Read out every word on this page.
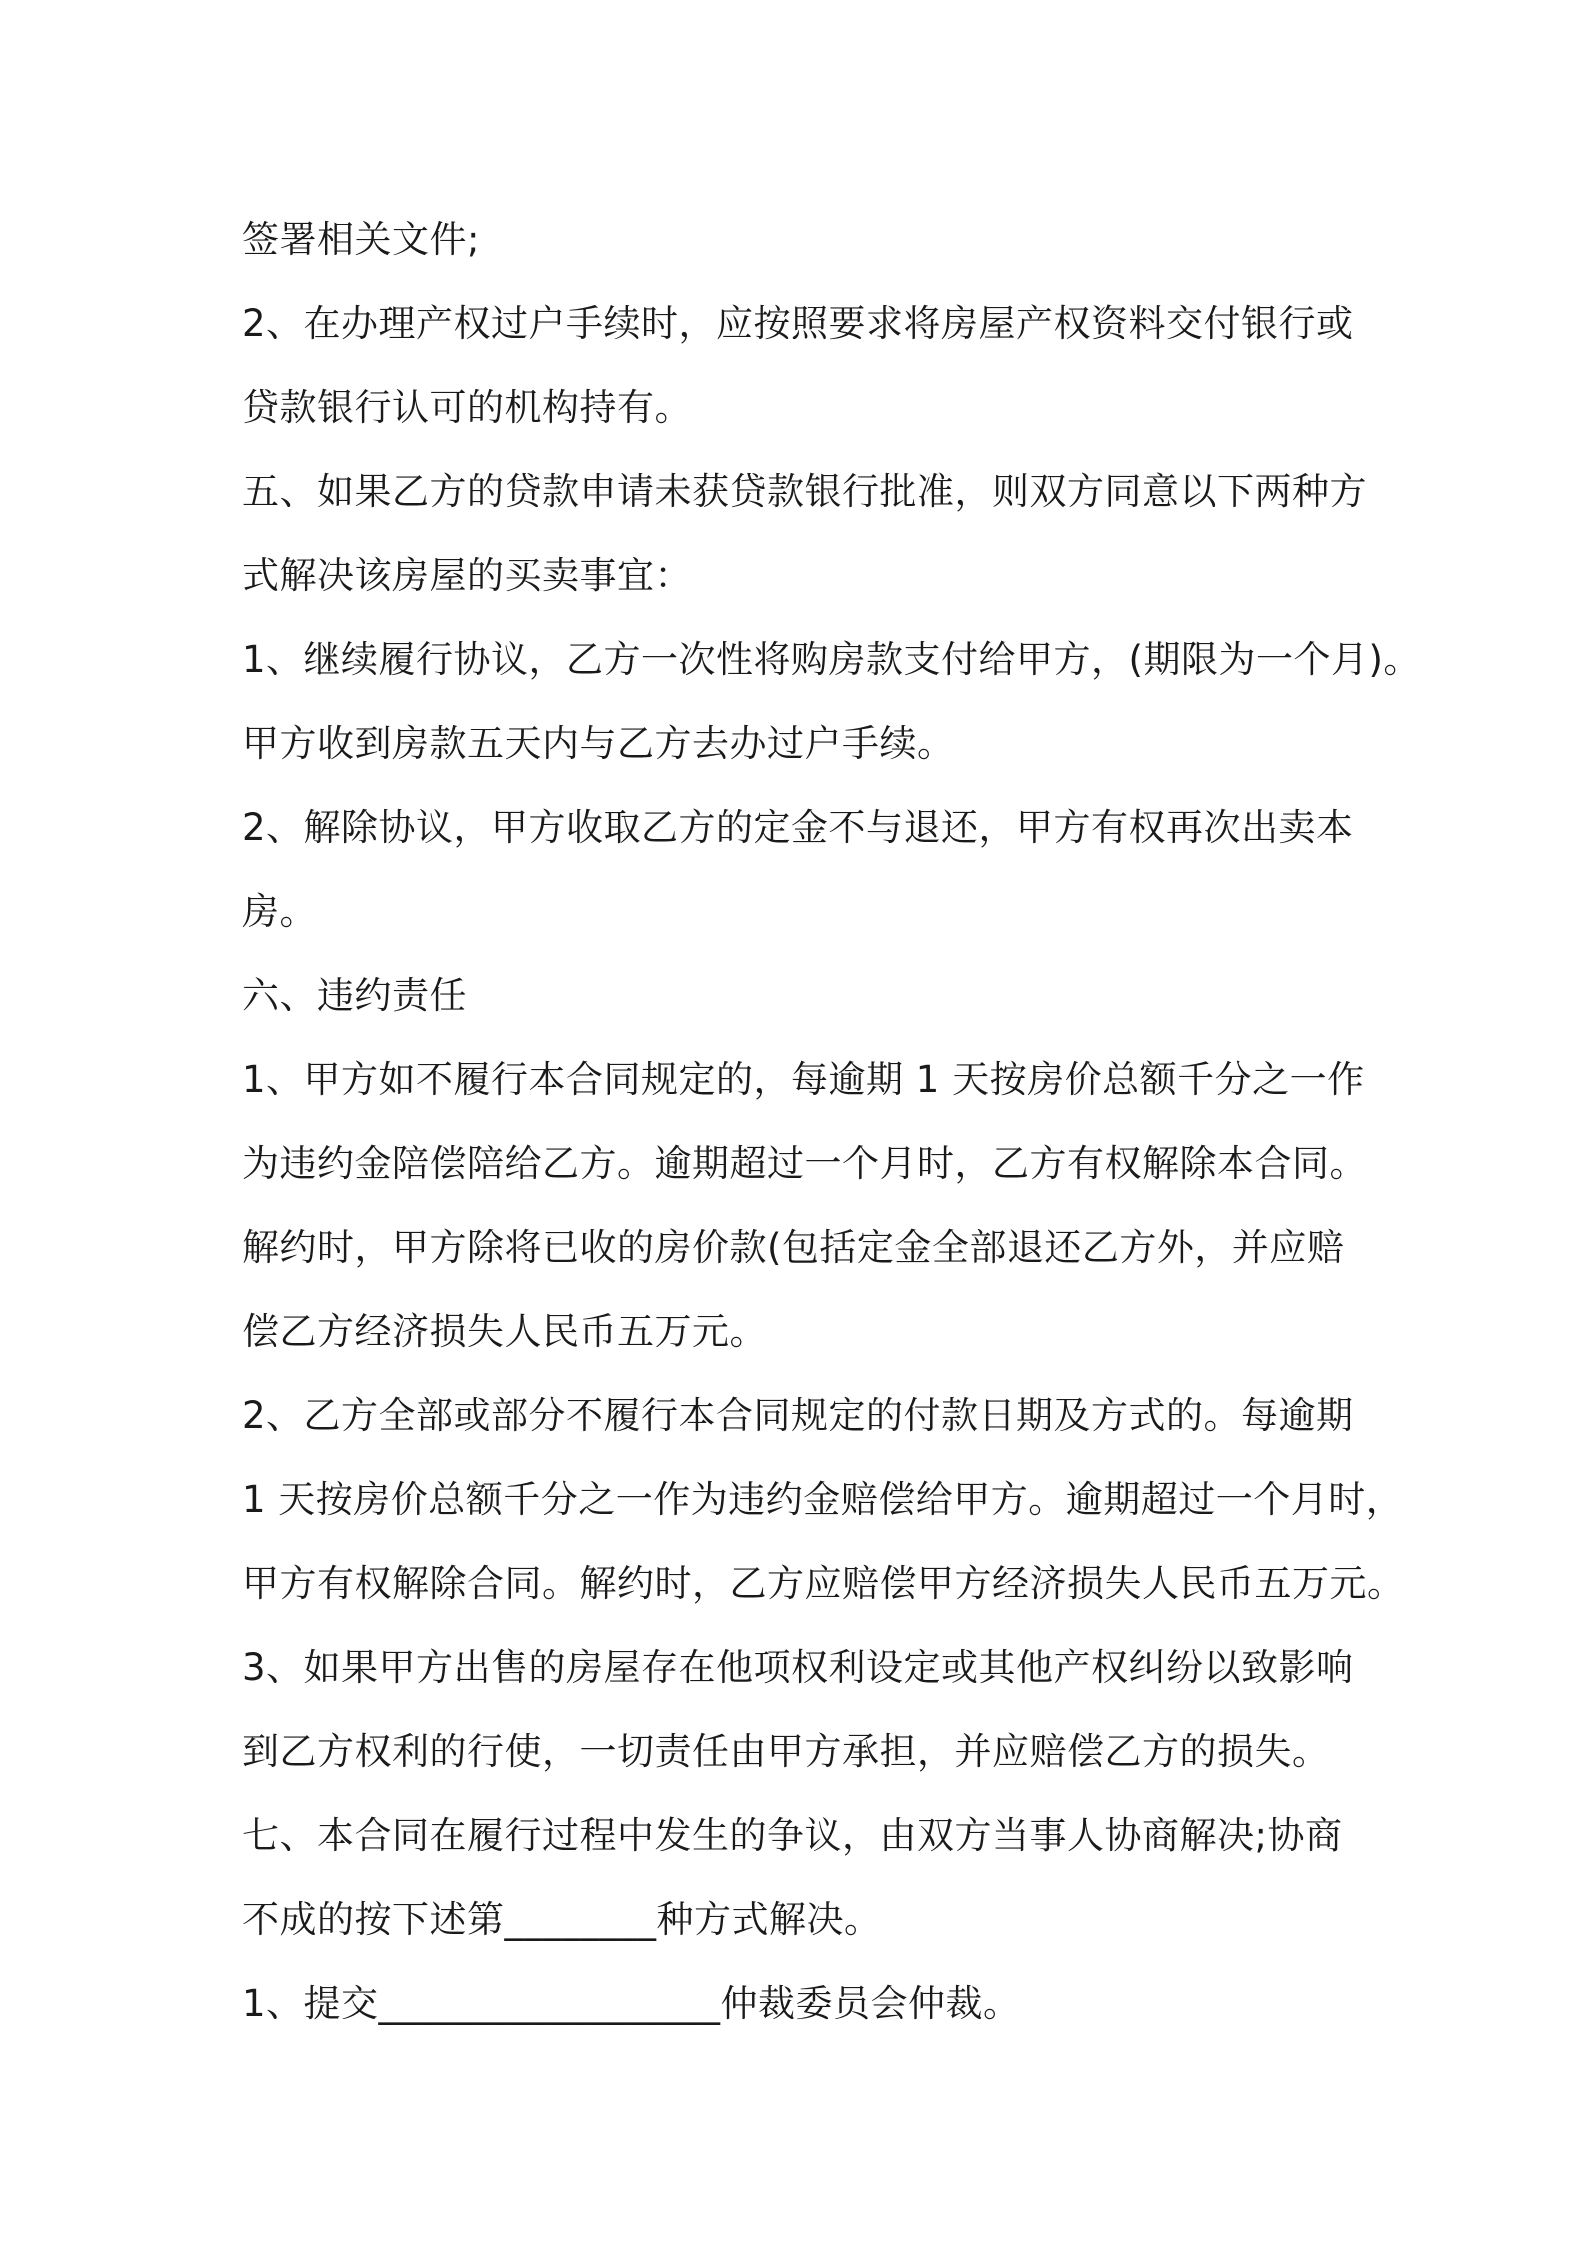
签署相关文件;
2、在办理产权过户手续时，应按照要求将房屋产权资料交付银行或
贷款银行认可的机构持有。
五、如果乙方的贷款申请未获贷款银行批准，则双方同意以下两种方
式解决该房屋的买卖事宜：
1、继续履行协议，乙方一次性将购房款支付给甲方，(期限为一个月)。
甲方收到房款五天内与乙方去办过户手续。
2、解除协议，甲方收取乙方的定金不与退还，甲方有权再次出卖本
房。
六、违约责任
1、甲方如不履行本合同规定的，每逾期 1 天按房价总额千分之一作
为违约金陪偿陪给乙方。逾期超过一个月时，乙方有权解除本合同。
解约时，甲方除将已收的房价款(包括定金全部退还乙方外，并应赔
偿乙方经济损失人民币五万元。
2、乙方全部或部分不履行本合同规定的付款日期及方式的。每逾期
1 天按房价总额千分之一作为违约金赔偿给甲方。逾期超过一个月时，
甲方有权解除合同。解约时，乙方应赔偿甲方经济损失人民币五万元。
3、如果甲方出售的房屋存在他项权利设定或其他产权纠纷以致影响
到乙方权利的行使，一切责任由甲方承担，并应赔偿乙方的损失。
七、本合同在履行过程中发生的争议，由双方当事人协商解决;协商
不成的按下述第________种方式解决。
1、提交__________________仲裁委员会仲裁。
